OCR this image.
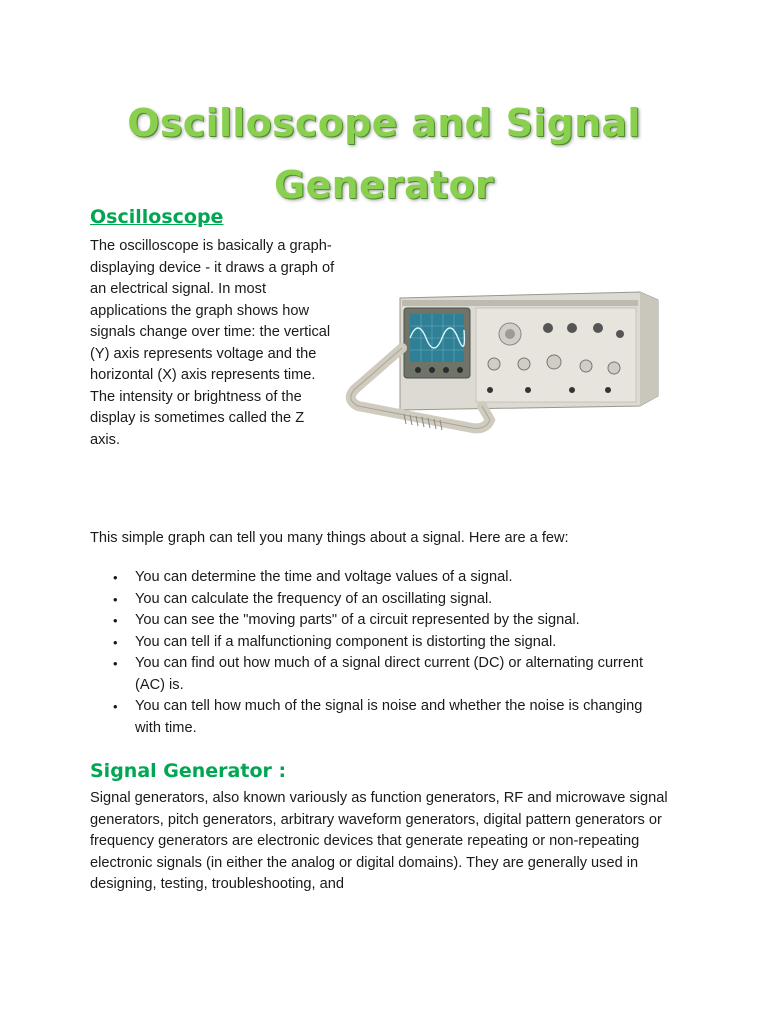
Oscilloscope and Signal
Generator
Oscilloscope
The oscilloscope is basically a graph-displaying device - it draws a graph of an electrical signal. In most applications the graph shows how signals change over time: the vertical (Y) axis represents voltage and the horizontal (X) axis represents time. The intensity or brightness of the display is sometimes called the Z axis.
This simple graph can tell you many things about a signal. Here are a few:
• You can determine the time and voltage values of a signal.
• You can calculate the frequency of an oscillating signal.
• You can see the "moving parts" of a circuit represented by the signal.
• You can tell if a malfunctioning component is distorting the signal.
• You can find out how much of a signal direct current (DC) or alternating current (AC) is.
• You can tell how much of the signal is noise and whether the noise is changing with time.
Signal Generator :
Signal generators, also known variously as function generators, RF and microwave signal generators, pitch generators, arbitrary waveform generators, digital pattern generators or frequency generators are electronic devices that generate repeating or non-repeating electronic signals (in either the analog or digital domains). They are generally used in designing, testing, troubleshooting, and
